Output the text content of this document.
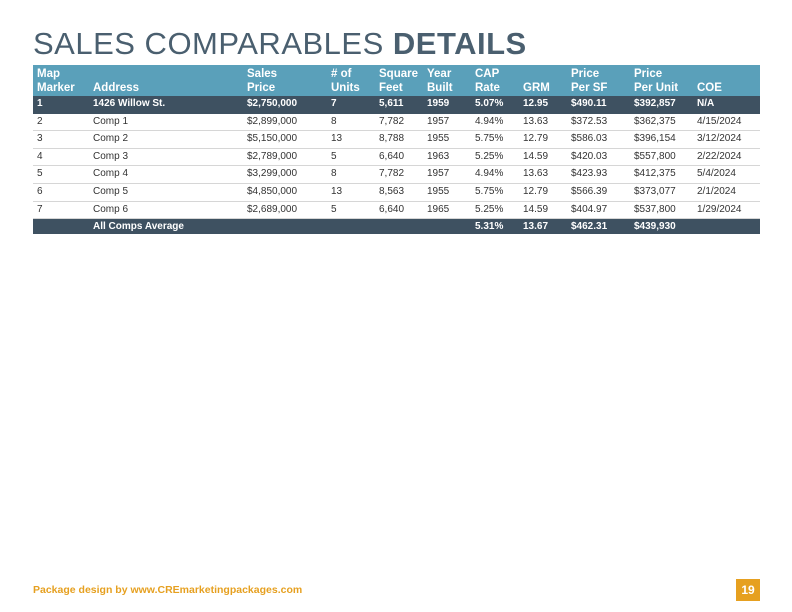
SALES COMPARABLES DETAILS
Map		Sales	# of	Square	Year	CAP		Price	Price	
Marker	Address	Price	Units	Feet	Built	Rate	GRM	Per SF	Per Unit	COE
1	1426 Willow St.	$2,750,000	7	5,611	1959	5.07%	12.95	$490.11	$392,857	N/A
2	Comp 1	$2,899,000	8	7,782	1957	4.94%	13.63	$372.53	$362,375	4/15/2024
3	Comp 2	$5,150,000	13	8,788	1955	5.75%	12.79	$586.03	$396,154	3/12/2024
4	Comp 3	$2,789,000	5	6,640	1963	5.25%	14.59	$420.03	$557,800	2/22/2024
5	Comp 4	$3,299,000	8	7,782	1957	4.94%	13.63	$423.93	$412,375	5/4/2024
6	Comp 5	$4,850,000	13	8,563	1955	5.75%	12.79	$566.39	$373,077	2/1/2024
7	Comp 6	$2,689,000	5	6,640	1965	5.25%	14.59	$404.97	$537,800	1/29/2024
	All Comps Average					5.31%	13.67	$462.31	$439,930	
Package design by www.CREmarketingpackages.com	19
